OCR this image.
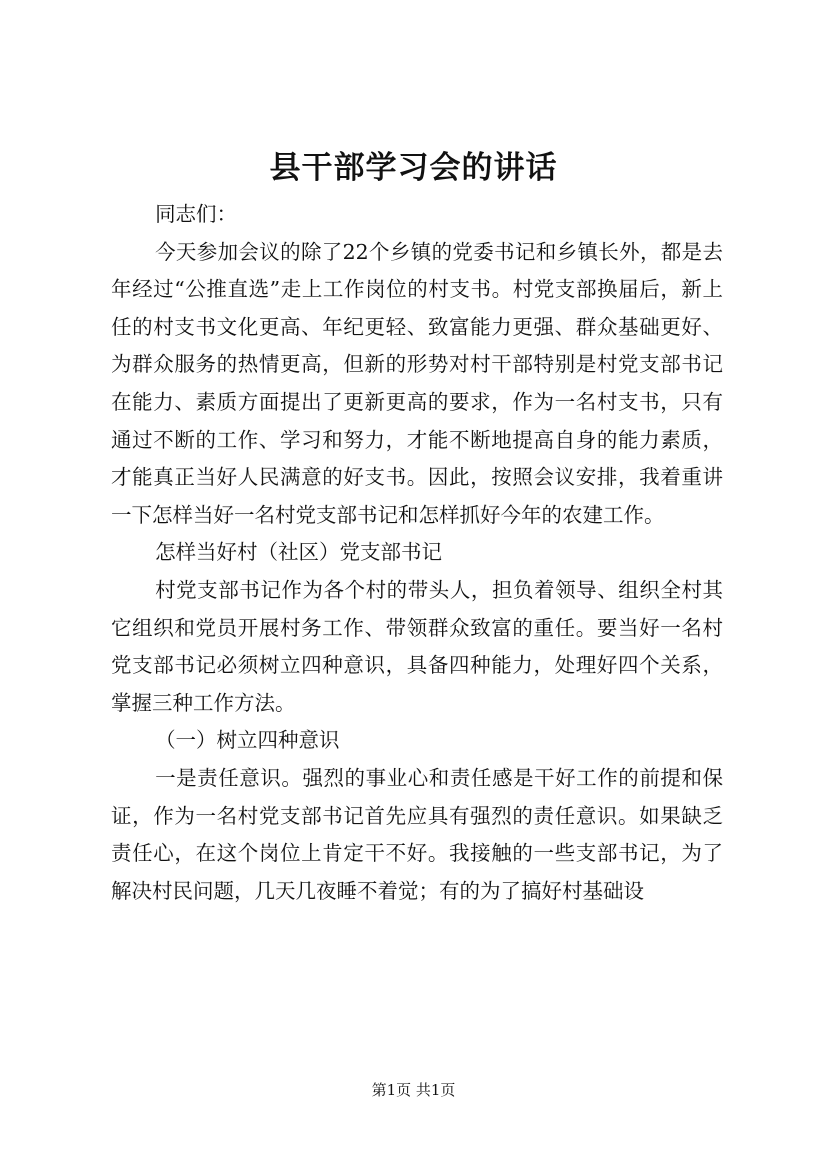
县干部学习会的讲话

同志们：

今天参加会议的除了22个乡镇的党委书记和乡镇长外，都是去年经过“公推直选”走上工作岗位的村支书。村党支部换届后，新上任的村支书文化更高、年纪更轻、致富能力更强、群众基础更好、为群众服务的热情更高，但新的形势对村干部特别是村党支部书记在能力、素质方面提出了更新更高的要求，作为一名村支书，只有通过不断的工作、学习和努力，才能不断地提高自身的能力素质，才能真正当好人民满意的好支书。因此，按照会议安排，我着重讲一下怎样当好一名村党支部书记和怎样抓好今年的农建工作。

怎样当好村（社区）党支部书记

村党支部书记作为各个村的带头人，担负着领导、组织全村其它组织和党员开展村务工作、带领群众致富的重任。要当好一名村党支部书记必须树立四种意识，具备四种能力，处理好四个关系，掌握三种工作方法。

（一）树立四种意识

一是责任意识。强烈的事业心和责任感是干好工作的前提和保证，作为一名村党支部书记首先应具有强烈的责任意识。如果缺乏责任心，在这个岗位上肯定干不好。我接触的一些支部书记，为了解决村民问题，几天几夜睡不着觉；有的为了搞好村基础设

第1页 共1页
